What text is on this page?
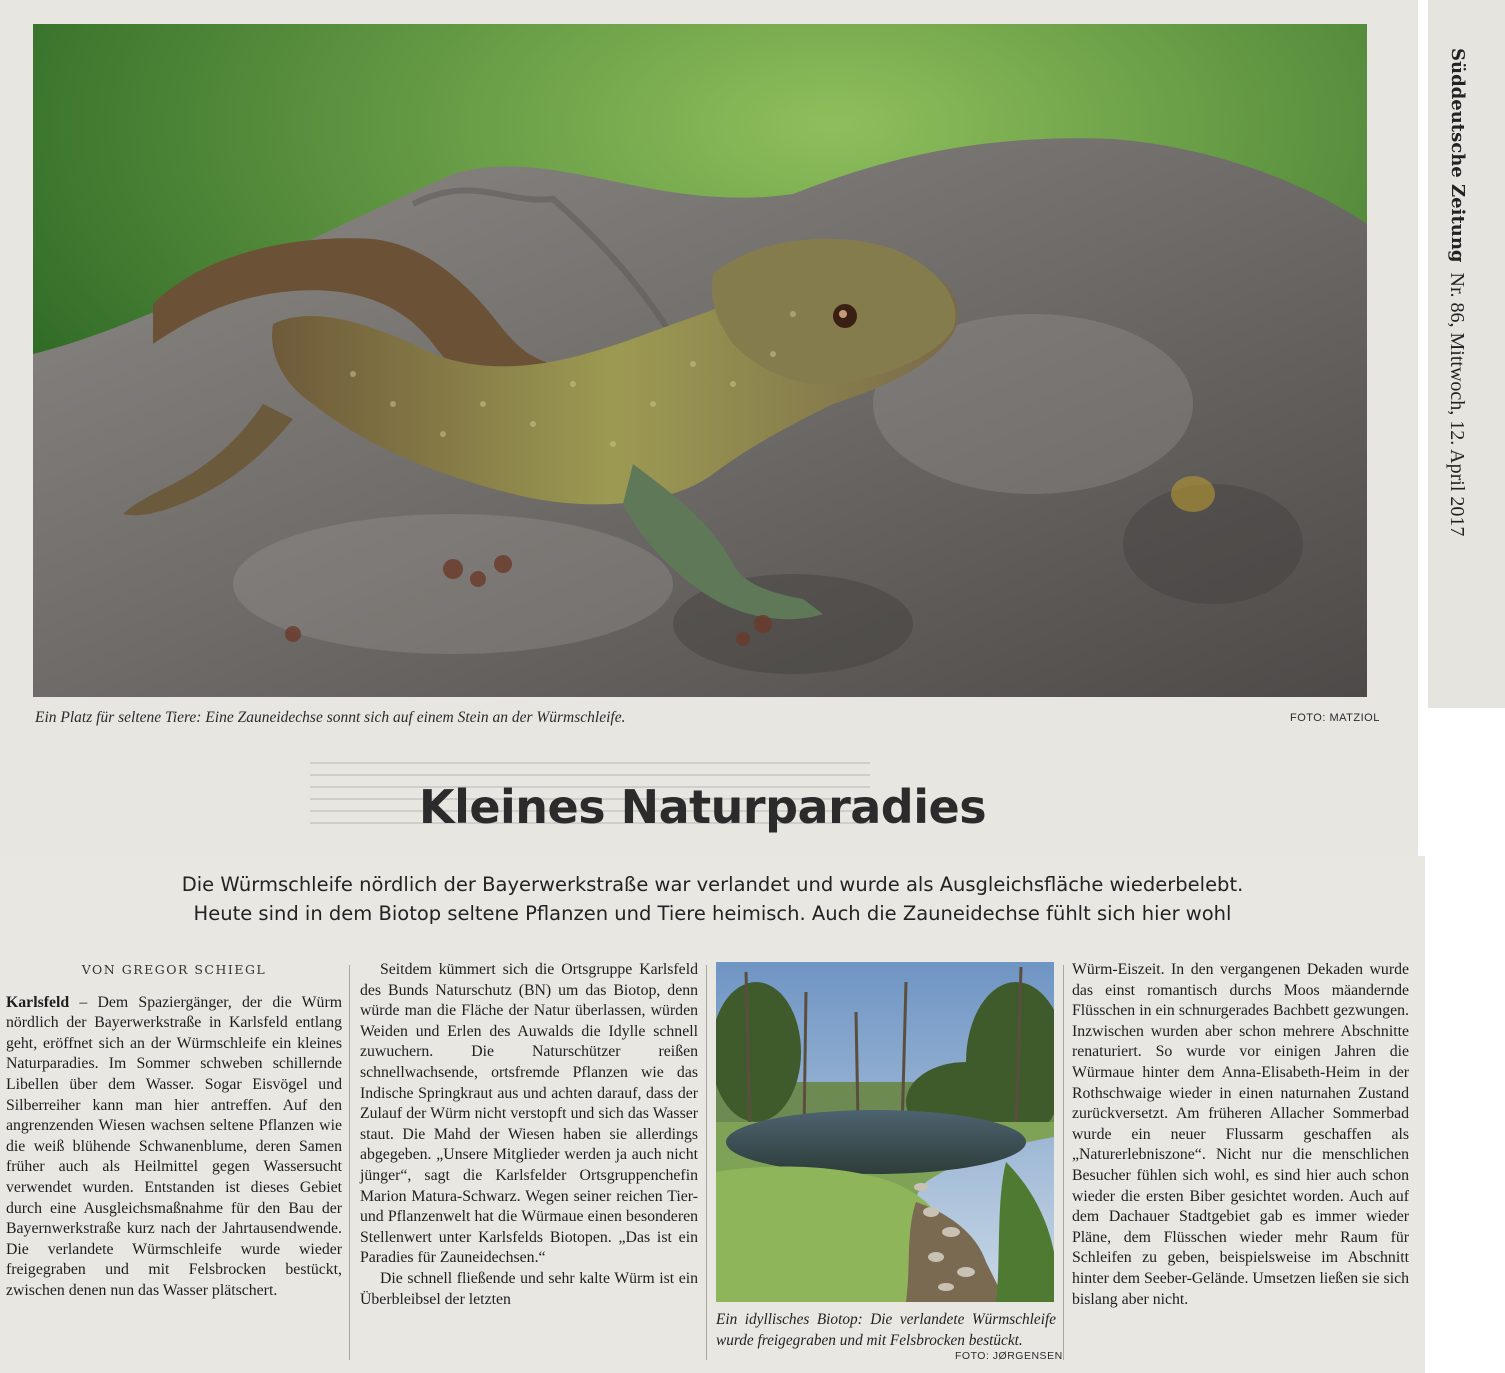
Ein Platz für seltene Tiere: Eine Zauneidechse sonnt sich auf einem Stein an der Würmschleife.	FOTO: MATZIOL
Süddeutsche Zeitung  Nr. 86, Mittwoch, 12. April 2017
Kleines Naturparadies
Die Würmschleife nördlich der Bayerwerkstraße war verlandet und wurde als Ausgleichsfläche wiederbelebt.
Heute sind in dem Biotop seltene Pflanzen und Tiere heimisch. Auch die Zauneidechse fühlt sich hier wohl
VON GREGOR SCHIEGL

Karlsfeld – Dem Spaziergänger, der die Würm nördlich der Bayerwerkstraße in Karlsfeld entlang geht, eröffnet sich an der Würmschleife ein kleines Naturparadies. Im Sommer schweben schillernde Libellen über dem Wasser. Sogar Eisvögel und Silberreiher kann man hier antreffen. Auf den angrenzenden Wiesen wachsen seltene Pflanzen wie die weiß blühende Schwanenblume, deren Samen früher auch als Heilmittel gegen Wassersucht verwendet wurden. Entstanden ist dieses Gebiet durch eine Ausgleichsmaßnahme für den Bau der Bayernwerkstraße kurz nach der Jahrtausendwende. Die verlandete Würmschleife wurde wieder freigegraben und mit Felsbrocken bestückt, zwischen denen nun das Wasser plätschert.

Seitdem kümmert sich die Ortsgruppe Karlsfeld des Bunds Naturschutz (BN) um das Biotop, denn würde man die Fläche der Natur überlassen, würden Weiden und Erlen des Auwalds die Idylle schnell zuwuchern. Die Naturschützer reißen schnellwachsende, ortsfremde Pflanzen wie das Indische Springkraut aus und achten darauf, dass der Zulauf der Würm nicht verstopft und sich das Wasser staut. Die Mahd der Wiesen haben sie allerdings abgegeben. „Unsere Mitglieder werden ja auch nicht jünger“, sagt die Karlsfelder Ortsgruppenchefin Marion Matura-Schwarz. Wegen seiner reichen Tier- und Pflanzenwelt hat die Würmaue einen besonderen Stellenwert unter Karlsfelds Biotopen. „Das ist ein Paradies für Zauneidechsen.“

Die schnell fließende und sehr kalte Würm ist ein Überbleibsel der letzten

Ein idyllisches Biotop: Die verlandete Würmschleife wurde freigegraben und mit Felsbrocken bestückt.
FOTO: JØRGENSEN

Würm-Eiszeit. In den vergangenen Dekaden wurde das einst romantisch durchs Moos mäandernde Flüsschen in ein schnurgerades Bachbett gezwungen. Inzwischen wurden aber schon mehrere Abschnitte renaturiert. So wurde vor einigen Jahren die Würmaue hinter dem Anna-Elisabeth-Heim in der Rothschwaige wieder in einen naturnahen Zustand zurückversetzt. Am früheren Allacher Sommerbad wurde ein neuer Flussarm geschaffen als „Naturerlebniszone“. Nicht nur die menschlichen Besucher fühlen sich wohl, es sind hier auch schon wieder die ersten Biber gesichtet worden. Auch auf dem Dachauer Stadtgebiet gab es immer wieder Pläne, dem Flüsschen wieder mehr Raum für Schleifen zu geben, beispielsweise im Abschnitt hinter dem Seeber-Gelände. Umsetzen ließen sie sich bislang aber nicht.
